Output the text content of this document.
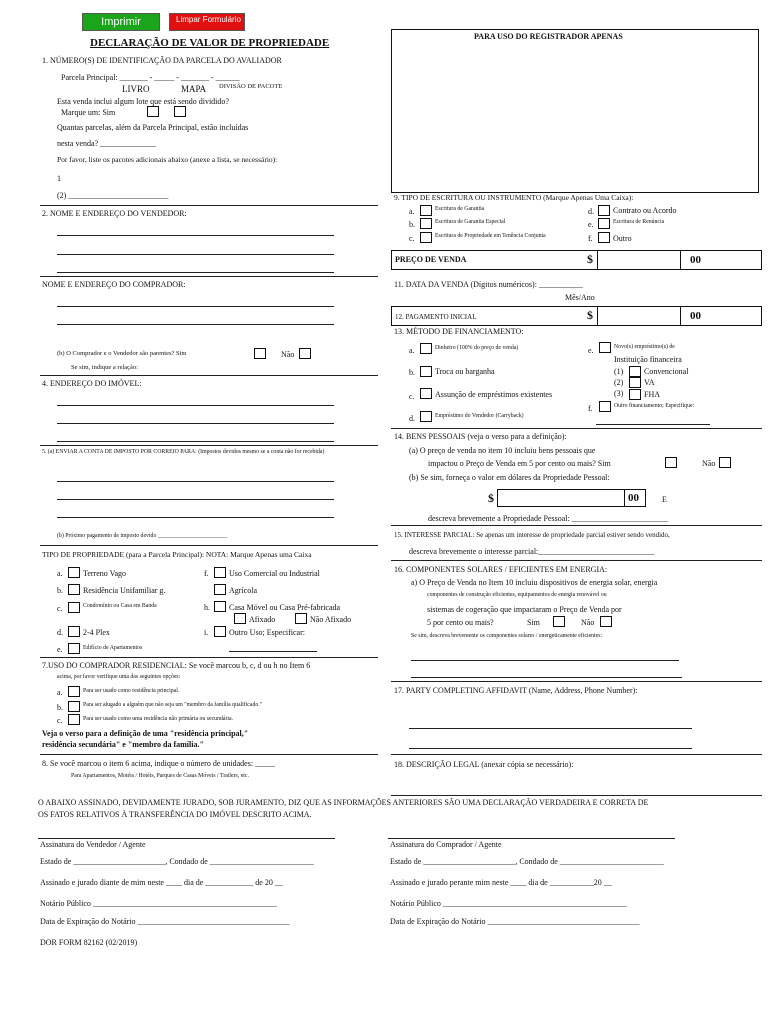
Imprimir	Limpar Formulário
DECLARAÇÃO DE VALOR DE PROPRIEDADE
PARA USO DO REGISTRADOR APENAS
1. NÚMERO(S) DE IDENTIFICAÇÃO DA PARCELA DO AVALIADOR
Parcela Principal: _______ - _____ - _______ - ______
LIVRO	MAPA DIVISÃO DE PACOTE
Esta venda inclui algum lote que está sendo dividido?
Marque um: Sim
Quantas parcelas, além da Parcela Principal, estão incluídas
nesta venda? ______________
Por favor, liste os pacotes adicionais abaixo (anexe a lista, se necessário):
1
(2) _________________________
2. NOME E ENDEREÇO DO VENDEDOR:
NOME E ENDEREÇO DO COMPRADOR:
(b) O Comprador e o Vendedor são parentes? Sim	Não
Se sim, indique a relação:
4. ENDEREÇO DO IMÓVEL:
5. (a) ENVIAR A CONTA DE IMPOSTO POR CORREIO PARA: (Impostos devidos mesmo se a conta não for recebida)
(b) Próximo pagamento de imposto devido ________________________
TIPO DE PROPRIEDADE (para a Parcela Principal): NOTA: Marque Apenas uma Caixa
a.	Terreno Vago
b.	Residência Unifamiliar g.
c.	Condomínio ou Casa em Banda
d.	2-4 Plex
e.	Edifício de Apartamentos
f.	Uso Comercial ou Industrial
Agrícola
h. Casa Móvel ou Casa Pré-fabricada
Afixado	Não Afixado
i.	Outro Uso; Especificar:
7.USO DO COMPRADOR RESIDENCIAL: Se você marcou b, c, d ou h no Item 6
acima, por favor verifique uma das seguintes opções:
a.	Para ser usado como residência principal.
b.	Para ser alugado a alguém que não seja um "membro da família qualificado."
c.	Para ser usado como uma residência não primária ou secundária.
Veja o verso para a definição de uma "residência principal,"
residência secundária" e "membro da família."
8. Se você marcou o item 6 acima, indique o número de unidades: _____
Para Apartamentos, Motéis / Hotéis, Parques de Casas Móveis / Trailers, etc.
9. TIPO DE ESCRITURA OU INSTRUMENTO (Marque Apenas Uma Caixa):
a.	Escritura de Garantia
b.	Escritura de Garantia Especial
c.	Escritura de Propriedade em Tenência Conjunta
d. Contrato ou Acordo
e.	Escritura de Renúncia
f.	Outro
PREÇO DE VENDA	$	00
11. DATA DA VENDA (Dígitos numéricos): ___________
Mês/Ano
12. PAGAMENTO INICIAL	$	00
13. MÉTODO DE FINANCIAMENTO:
a.	Dinheiro (100% do preço de venda)
b.	Troca ou barganha
c.	Assunção de empréstimos existentes
d.	Empréstimo do Vendedor (Carryback)
e.	Novo(s) empréstimo(s) de
Instituição financeira
(1)	Convencional
(2)	VA
(3)	FHA
f.	Outro financiamento; Especifique:
14. BENS PESSOAIS (veja o verso para a definição):
(a) O preço de venda no item 10 incluiu bens pessoais que
impactou o Preço de Venda em 5 por cento ou mais? Sim	Não
(b) Se sim, forneça o valor em dólares da Propriedade Pessoal:
$	00	E
descreva brevemente a Propriedade Pessoal: ________________________
15. INTERESSE PARCIAL: Se apenas um interesse de propriedade parcial estiver sendo vendido,
descreva brevemente o interesse parcial:_____________________________
16. COMPONENTES SOLARES / EFICIENTES EM ENERGIA:
a) O Preço de Venda no Item 10 incluiu dispositivos de energia solar, energia
componentes de construção eficientes, equipamentos de energia renovável ou
sistemas de cogeração que impactaram o Preço de Venda por
5 por cento ou mais?	Sim	Não
Se sim, descreva brevemente os componentes solares / energeticamente eficientes:
17. PARTY COMPLETING AFFIDAVIT (Name, Address, Phone Number):
18. DESCRIÇÃO LEGAL (anexar cópia se necessário):
O ABAIXO ASSINADO, DEVIDAMENTE JURADO, SOB JURAMENTO, DIZ QUE AS INFORMAÇÕES ANTERIORES SÃO UMA DECLARAÇÃO VERDADEIRA E CORRETA DE
OS FATOS RELATIVOS À TRANSFERÊNCIA DO IMÓVEL DESCRITO ACIMA.
Assinatura do Vendedor / Agente	Assinatura do Comprador / Agente
Estado de _______________________, Condado de __________________________	Estado de _______________________, Condado de __________________________
Assinado e jurado diante de mim neste ____ dia de ____________ de 20 __	Assinado e jurado perante mim neste ____ dia de ___________20 __
Notário Público ______________________________________________	Notário Público ______________________________________________
Data de Expiração do Notário ______________________________________	Data de Expiração do Notário ______________________________________
DOR FORM 82162 (02/2019)
